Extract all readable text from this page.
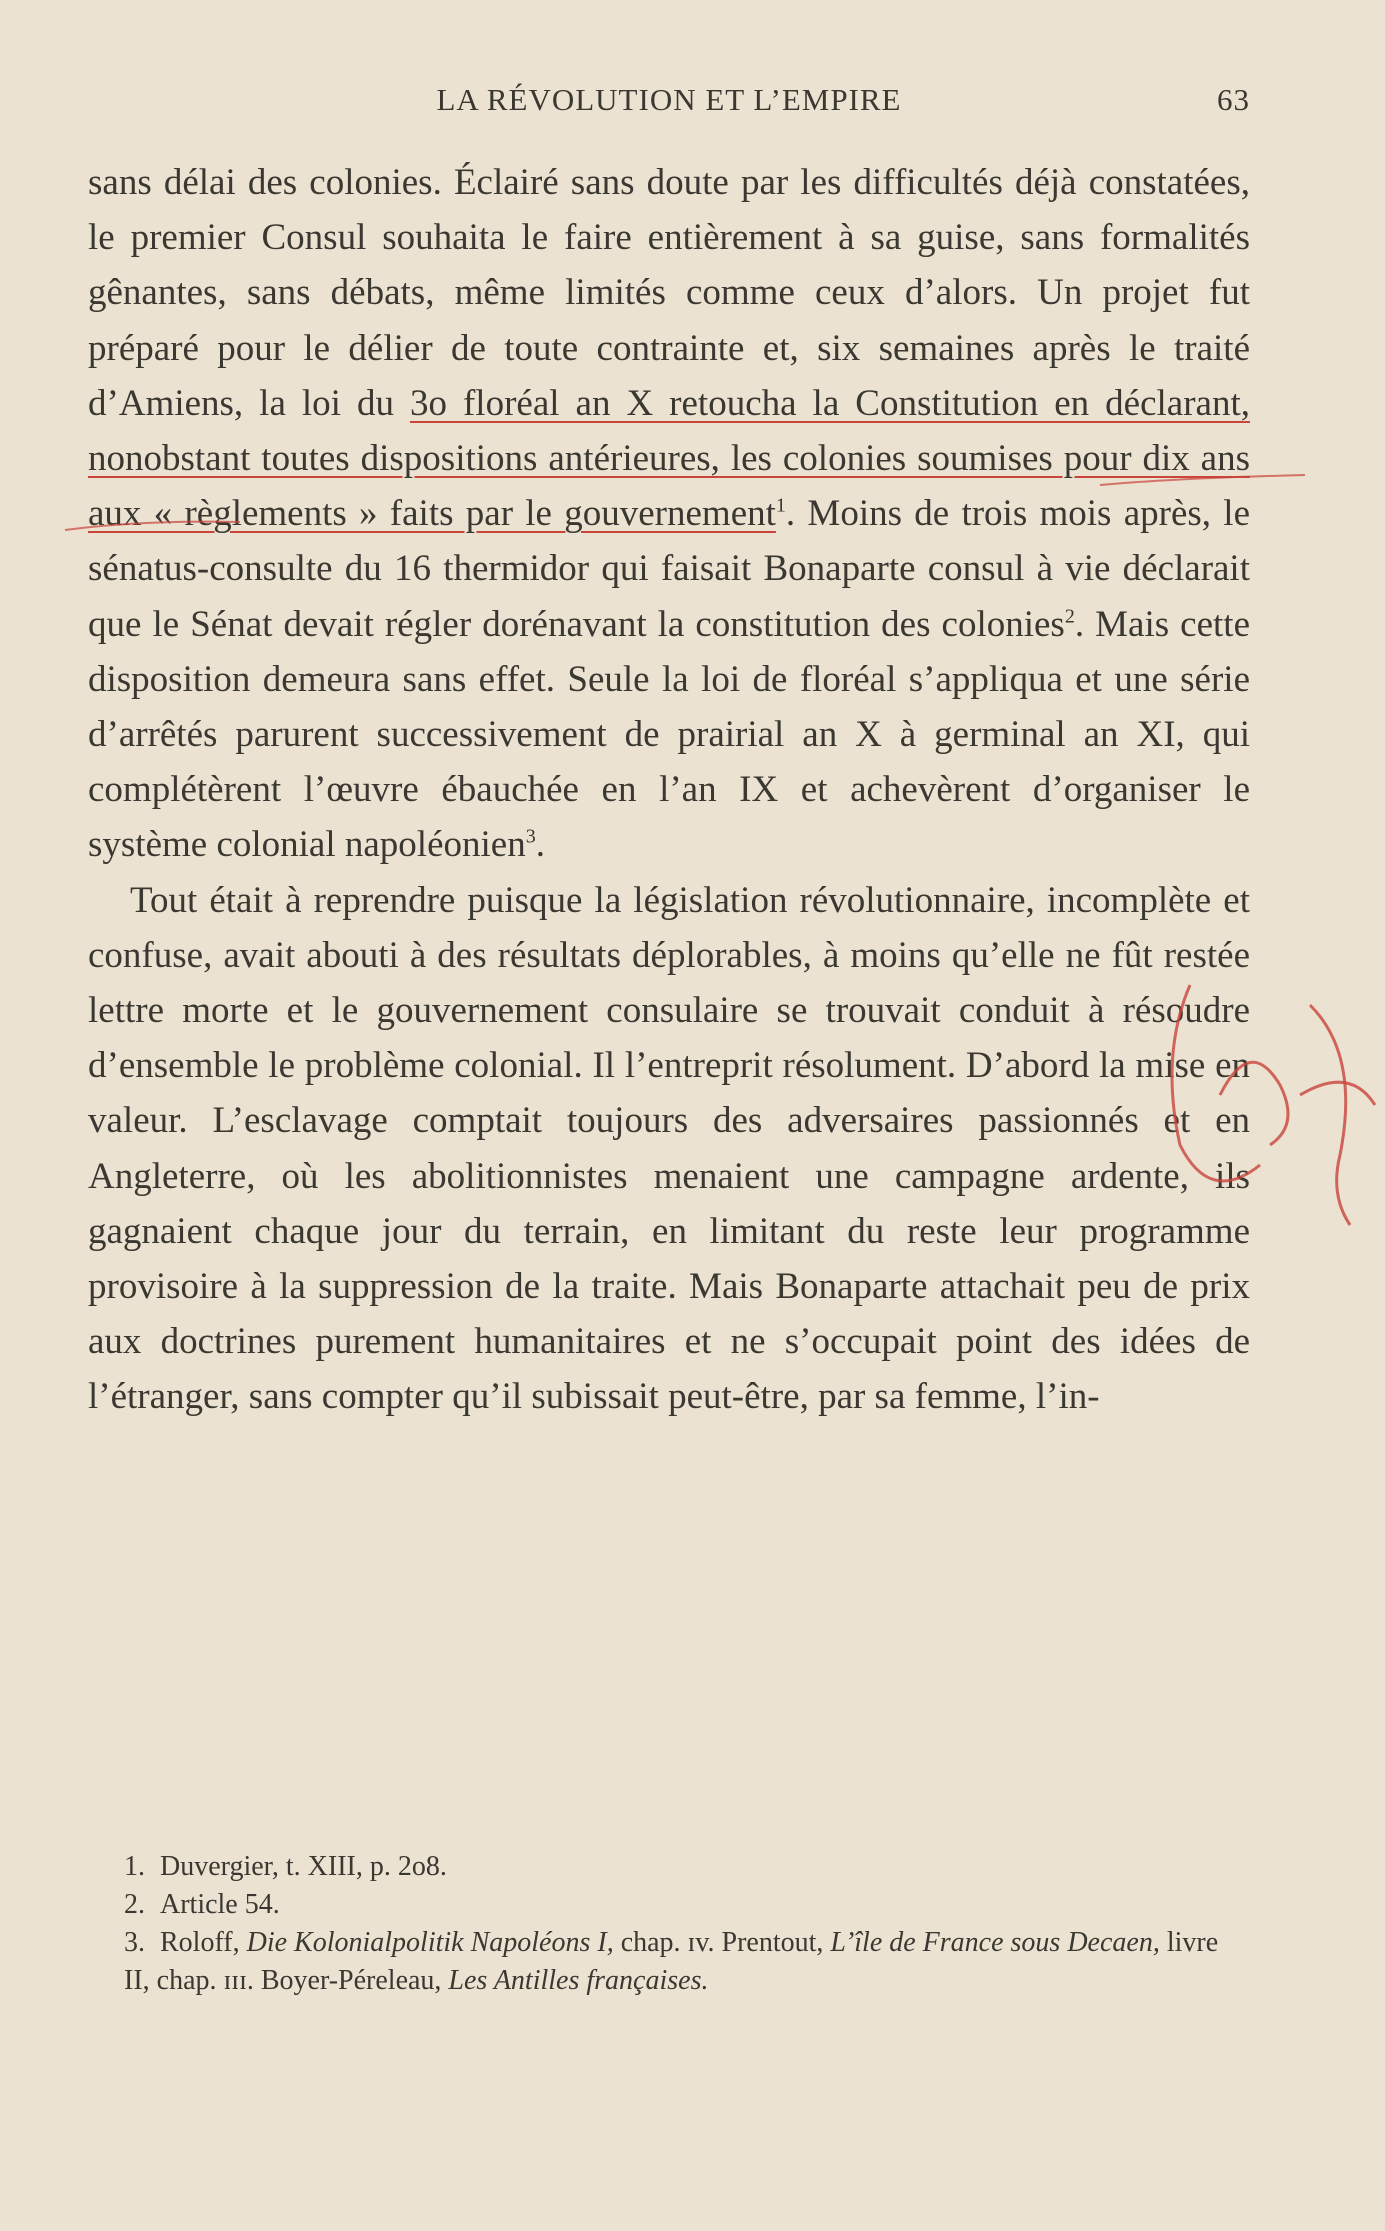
LA RÉVOLUTION ET L’EMPIRE	63

sans délai des colonies. Éclairé sans doute par les difficultés déjà constatées, le premier Consul souhaita le faire entièrement à sa guise, sans formalités gênantes, sans débats, même limités comme ceux d’alors. Un projet fut préparé pour le délier de toute contrainte et, six semaines après le traité d’Amiens, la loi du 3o floréal an X retoucha la Constitution en déclarant, nonobstant toutes dispositions antérieures, les colonies soumises pour dix ans aux « règlements » faits par le gouvernement$^1$. Moins de trois mois après, le sénatus-consulte du 16 thermidor qui faisait Bonaparte consul à vie déclarait que le Sénat devait régler dorénavant la constitution des colonies$^2$. Mais cette disposition demeura sans effet. Seule la loi de floréal s’appliqua et une série d’arrêtés parurent successivement de prairial an X à germinal an XI, qui complétèrent l’œuvre ébauchée en l’an IX et achevèrent d’organiser le système colonial napoléonien$^3$.

Tout était à reprendre puisque la législation révolutionnaire, incomplète et confuse, avait abouti à des résultats déplorables, à moins qu’elle ne fût restée lettre morte et le gouvernement consulaire se trouvait conduit à résoudre d’ensemble le problème colonial. Il l’entreprit résolument. D’abord la mise en valeur. L’esclavage comptait toujours des adversaires passionnés et en Angleterre, où les abolitionnistes menaient une campagne ardente, ils gagnaient chaque jour du terrain, en limitant du reste leur programme provisoire à la suppression de la traite. Mais Bonaparte attachait peu de prix aux doctrines purement humanitaires et ne s’occupait point des idées de l’étranger, sans compter qu’il subissait peut-être, par sa femme, l’in-

1. Duvergier, t. XIII, p. 2o8.

2. Article 54.

3. Roloff, Die Kolonialpolitik Napoléons I, chap. ɪv. Prentout, L’île de France sous Decaen, livre II, chap. ɪɪɪ. Boyer-Péreleau, Les Antilles françaises.
